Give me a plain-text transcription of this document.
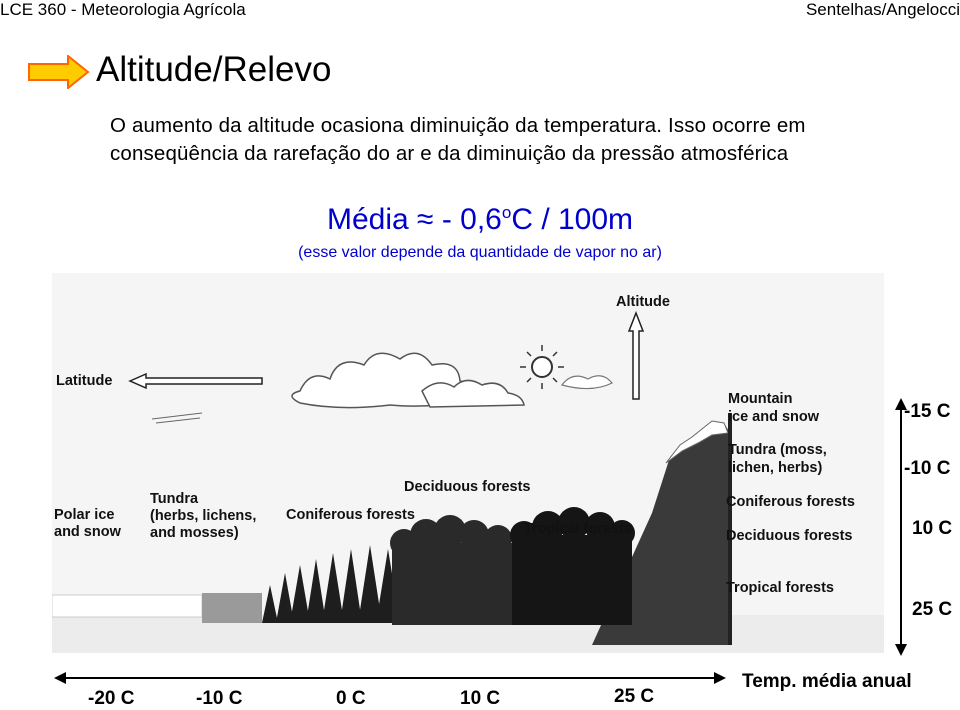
LCE 360 - Meteorologia Agrícola	Sentelhas/Angelocci
Altitude/Relevo
O aumento da altitude ocasiona diminuição da temperatura. Isso ocorre em
conseqüência da rarefação do ar e da diminuição da pressão atmosférica
Média ≈ - 0,6$^o$C / 100m
(esse valor depende da quantidade de vapor no ar)
Altitude
Latitude
Polar ice
and snow
Tundra
(herbs, lichens,
and mosses)
Coniferous forests
Deciduous forests
Tropical forests
Mountain
ice and snow
Tundra (moss,
lichen, herbs)
Coniferous forests
Deciduous forests
Tropical forests
-15 C
-10 C
10 C
25 C
-20 C	-10 C	0 C	10 C	25 C
Temp. média anual
